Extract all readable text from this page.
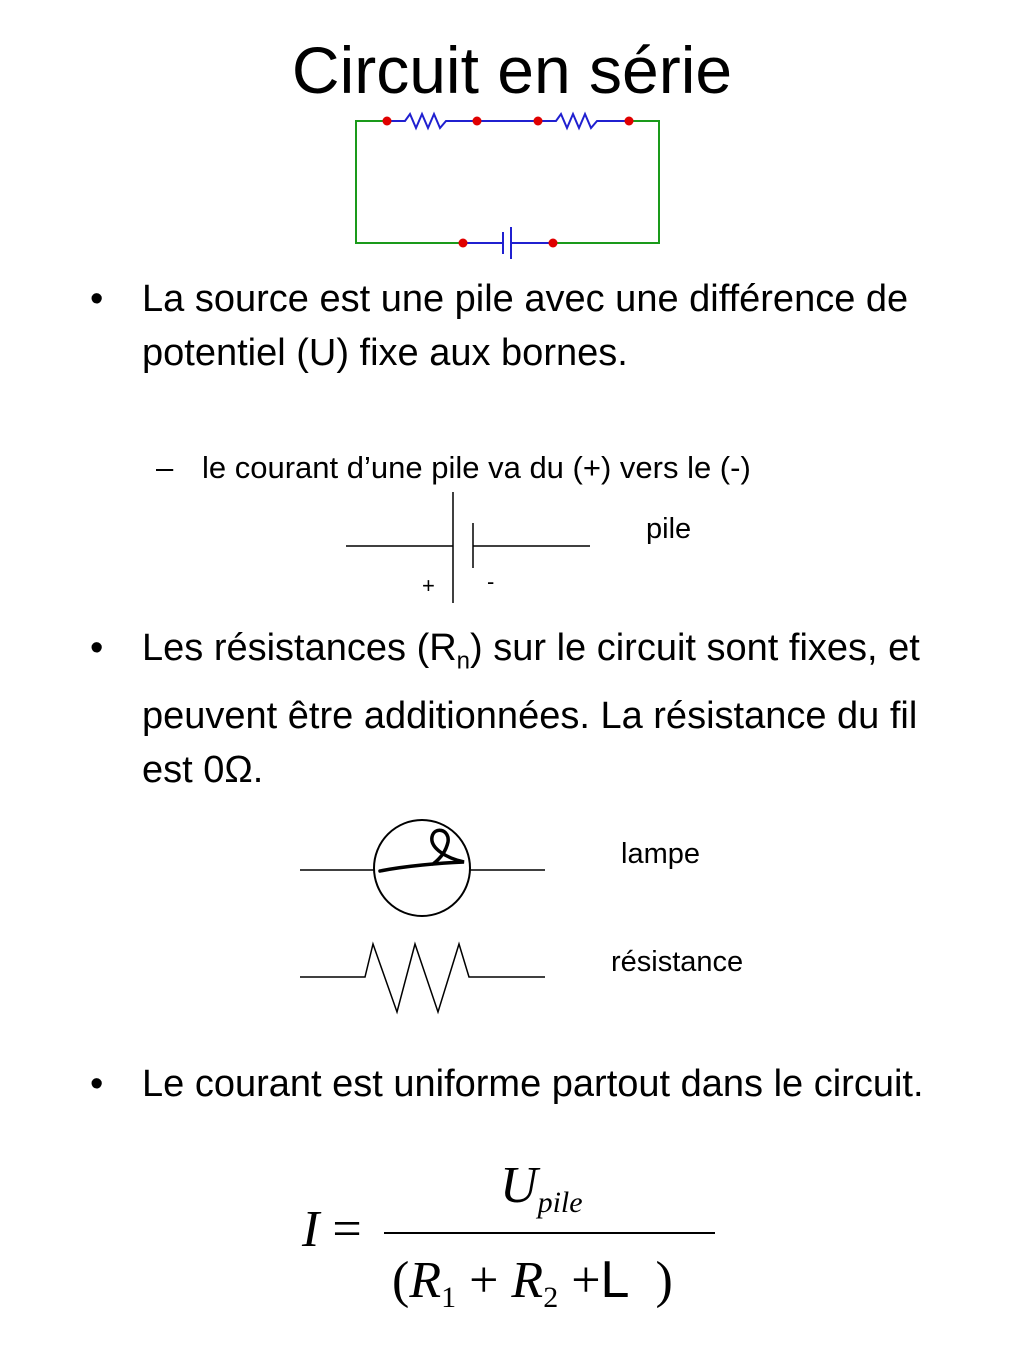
Circuit en série
• La source est une pile avec une différence de potentiel (U) fixe aux bornes.
– le courant d’une pile va du (+) vers le (-)
pile
+ -
• Les résistances $(R_n)$ sur le circuit sont fixes, et peuvent être additionnées. La résistance du fil est 0Ω.
lampe
résistance
• Le courant est uniforme partout dans le circuit.
I =
$U_{pile}$
($R_1 + R_2 +L$ )
